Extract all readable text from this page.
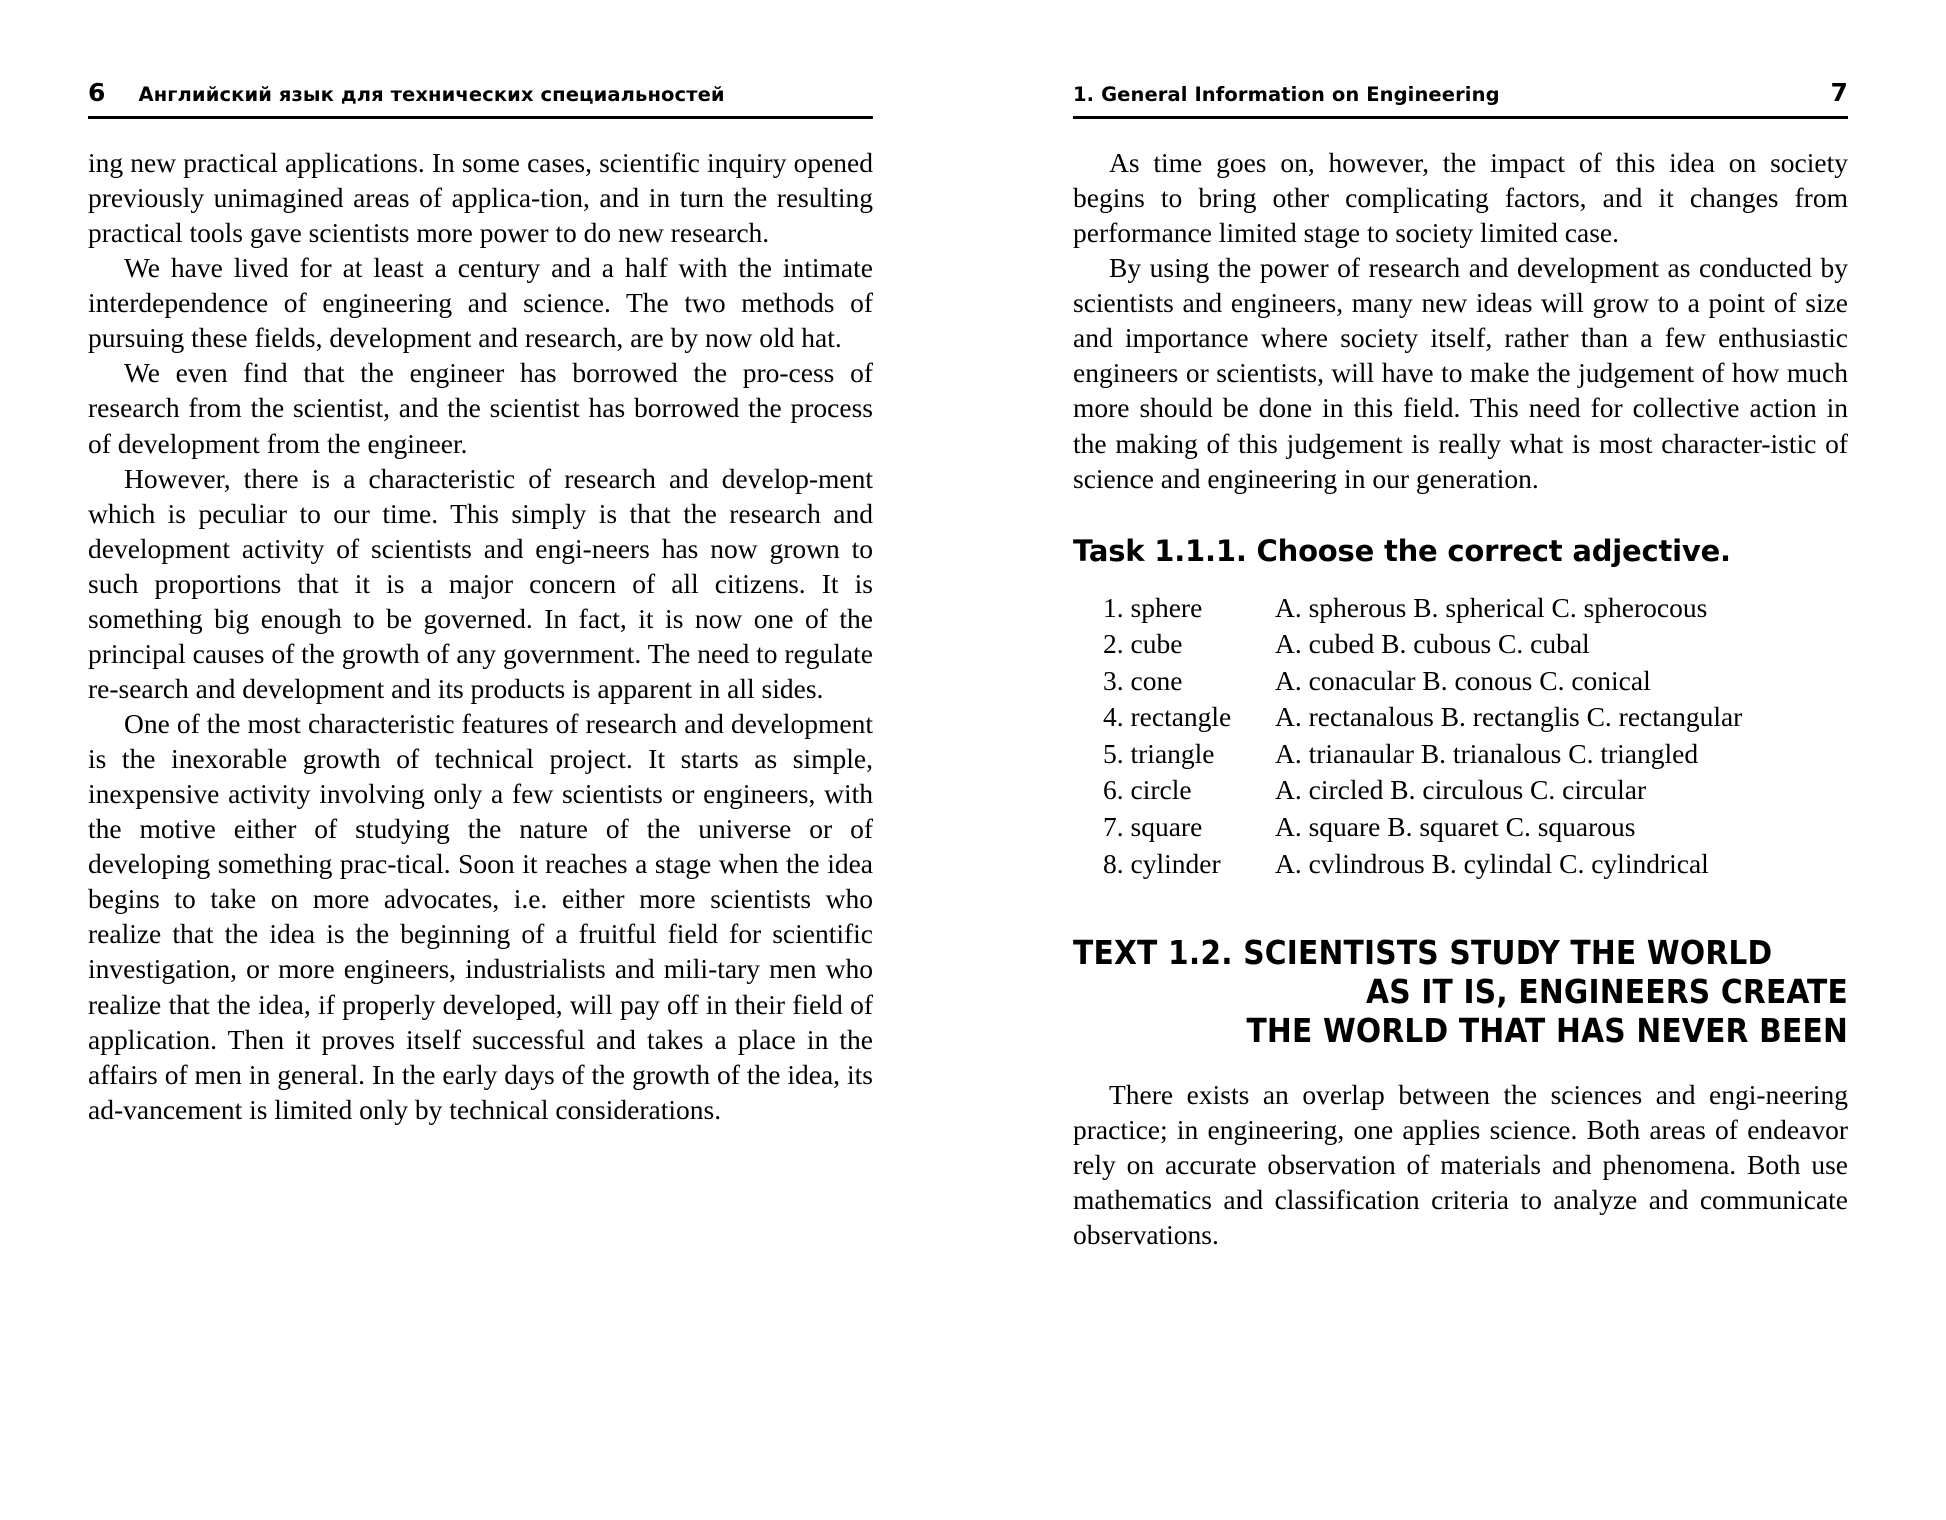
6 Английский язык для технических специальностей

ing new practical applications. In some cases, scientific inquiry opened previously unimagined areas of applica-tion, and in turn the resulting practical tools gave scientists more power to do new research.

We have lived for at least a century and a half with the intimate interdependence of engineering and science. The two methods of pursuing these fields, development and research, are by now old hat.

We even find that the engineer has borrowed the pro-cess of research from the scientist, and the scientist has borrowed the process of development from the engineer.

However, there is a characteristic of research and develop-ment which is peculiar to our time. This simply is that the research and development activity of scientists and engi-neers has now grown to such proportions that it is a major concern of all citizens. It is something big enough to be governed. In fact, it is now one of the principal causes of the growth of any government. The need to regulate re-search and development and its products is apparent in all sides.

One of the most characteristic features of research and development is the inexorable growth of technical project. It starts as simple, inexpensive activity involving only a few scientists or engineers, with the motive either of studying the nature of the universe or of developing something prac-tical. Soon it reaches a stage when the idea begins to take on more advocates, i.e. either more scientists who realize that the idea is the beginning of a fruitful field for scientific investigation, or more engineers, industrialists and mili-tary men who realize that the idea, if properly developed, will pay off in their field of application. Then it proves itself successful and takes a place in the affairs of men in general. In the early days of the growth of the idea, its ad-vancement is limited only by technical considerations.

1. General Information on Engineering	7

As time goes on, however, the impact of this idea on society begins to bring other complicating factors, and it changes from performance limited stage to society limited case.

By using the power of research and development as conducted by scientists and engineers, many new ideas will grow to a point of size and importance where society itself, rather than a few enthusiastic engineers or scientists, will have to make the judgement of how much more should be done in this field. This need for collective action in the making of this judgement is really what is most character-istic of science and engineering in our generation.

Task 1.1.1. Choose the correct adjective.
1. sphere	A. spherous B. spherical C. spherocous
2. cube	A. cubed B. cubous C. cubal
3. cone	A. conacular B. conous C. conical
4. rectangle	A. rectanalous B. rectanglis C. rectangular
5. triangle	A. trianaular B. trianalous C. triangled
6. circle	A. circled B. circulous C. circular
7. square	A. square B. squaret C. squarous
8. cylinder	A. cvlindrous B. cylindal C. cylindrical
TEXT 1.2. SCIENTISTS STUDY THE WORLD
AS IT IS, ENGINEERS CREATE
THE WORLD THAT HAS NEVER BEEN

There exists an overlap between the sciences and engi-neering practice; in engineering, one applies science. Both areas of endeavor rely on accurate observation of materials and phenomena. Both use mathematics and classification criteria to analyze and communicate observations.
